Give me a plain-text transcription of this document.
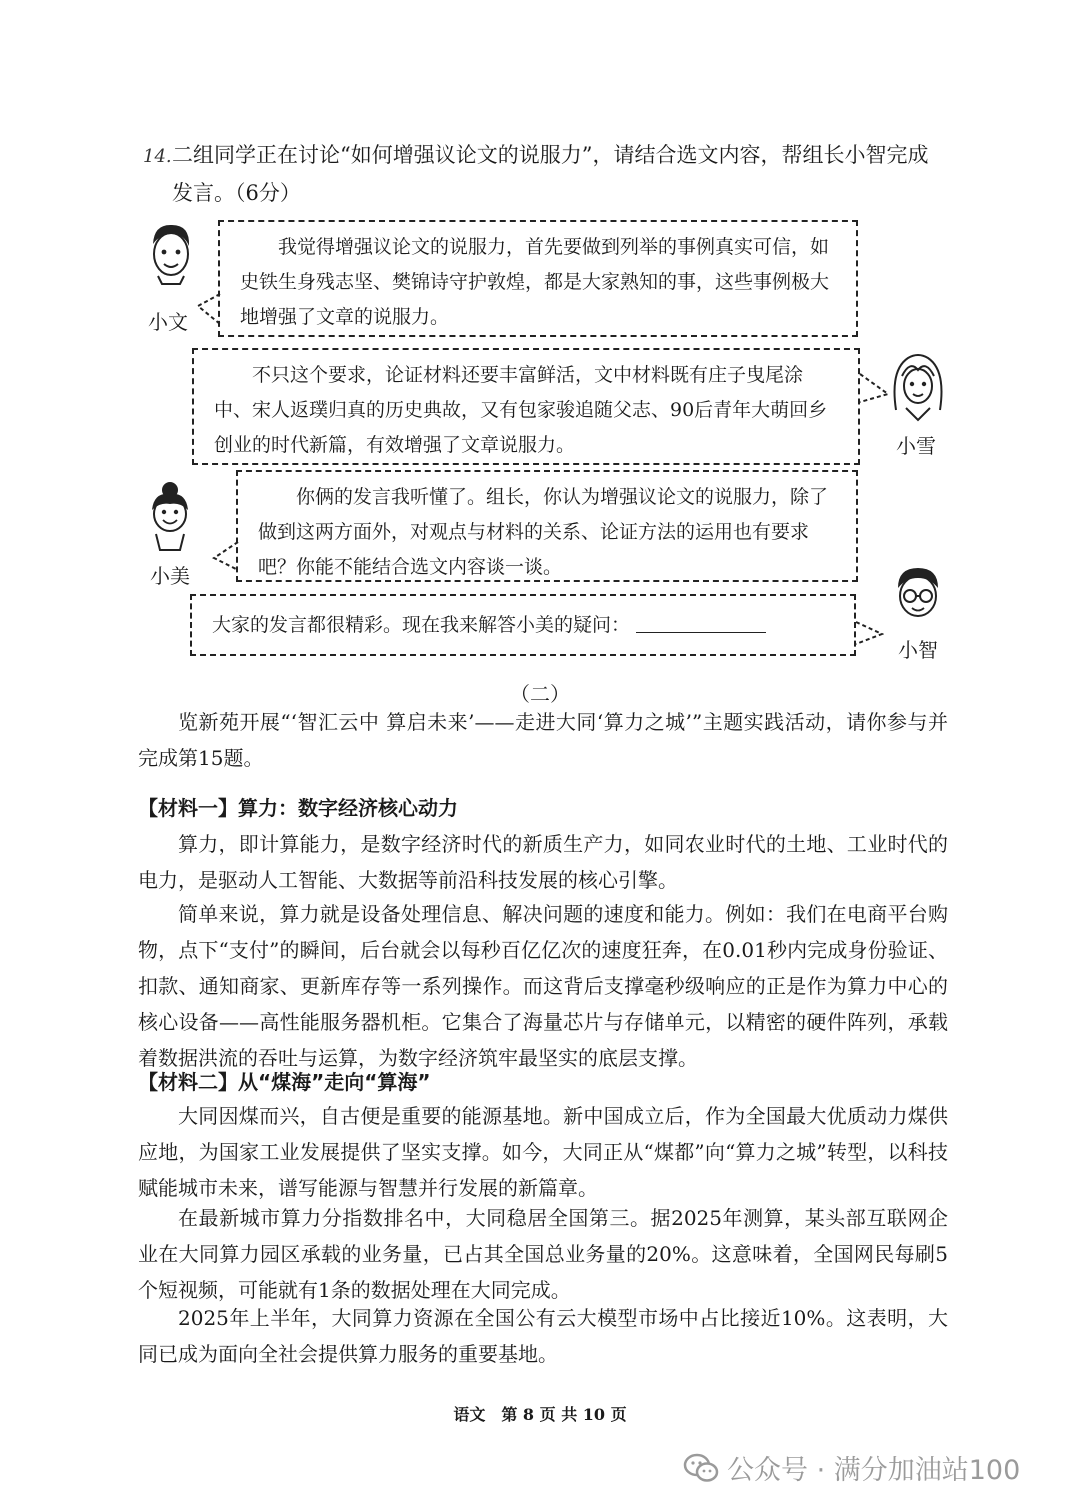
14. 二组同学正在讨论“如何增强议论文的说服力”，请结合选文内容，帮组长小智完成
发言。（6分）
小文

我觉得增强议论文的说服力，首先要做到列举的事例真实可信，如史铁生身残志坚、樊锦诗守护敦煌，都是大家熟知的事，这些事例极大地增强了文章的说服力。

不只这个要求，论证材料还要丰富鲜活，文中材料既有庄子曳尾涂中、宋人返璞归真的历史典故，又有包家骏追随父志、90后青年大萌回乡创业的时代新篇，有效增强了文章说服力。	小雪
小美

你俩的发言我听懂了。组长，你认为增强议论文的说服力，除了做到这两方面外，对观点与材料的关系、论证方法的运用也有要求吧？你能不能结合选文内容谈一谈。

大家的发言都很精彩。现在我来解答小美的疑问：
小智
（二）
览新苑开展“‘智汇云中 算启未来’——走进大同‘算力之城’”主题实践活动，请你参与并完成第15题。
【材料一】算力：数字经济核心动力
算力，即计算能力，是数字经济时代的新质生产力，如同农业时代的土地、工业时代的电力，是驱动人工智能、大数据等前沿科技发展的核心引擎。
简单来说，算力就是设备处理信息、解决问题的速度和能力。例如：我们在电商平台购物，点下“支付”的瞬间，后台就会以每秒百亿亿次的速度狂奔，在0.01秒内完成身份验证、扣款、通知商家、更新库存等一系列操作。而这背后支撑毫秒级响应的正是作为算力中心的核心设备——高性能服务器机柜。它集合了海量芯片与存储单元，以精密的硬件阵列，承载着数据洪流的吞吐与运算，为数字经济筑牢最坚实的底层支撑。
【材料二】从“煤海”走向“算海”
大同因煤而兴，自古便是重要的能源基地。新中国成立后，作为全国最大优质动力煤供应地，为国家工业发展提供了坚实支撑。如今，大同正从“煤都”向“算力之城”转型，以科技赋能城市未来，谱写能源与智慧并行发展的新篇章。
在最新城市算力分指数排名中，大同稳居全国第三。据2025年测算，某头部互联网企业在大同算力园区承载的业务量，已占其全国总业务量的20%。这意味着，全国网民每刷5个短视频，可能就有1条的数据处理在大同完成。
2025年上半年，大同算力资源在全国公有云大模型市场中占比接近10%。这表明，大同已成为面向全社会提供算力服务的重要基地。
语文　第 8 页 共 10 页
公众号 · 满分加油站100
